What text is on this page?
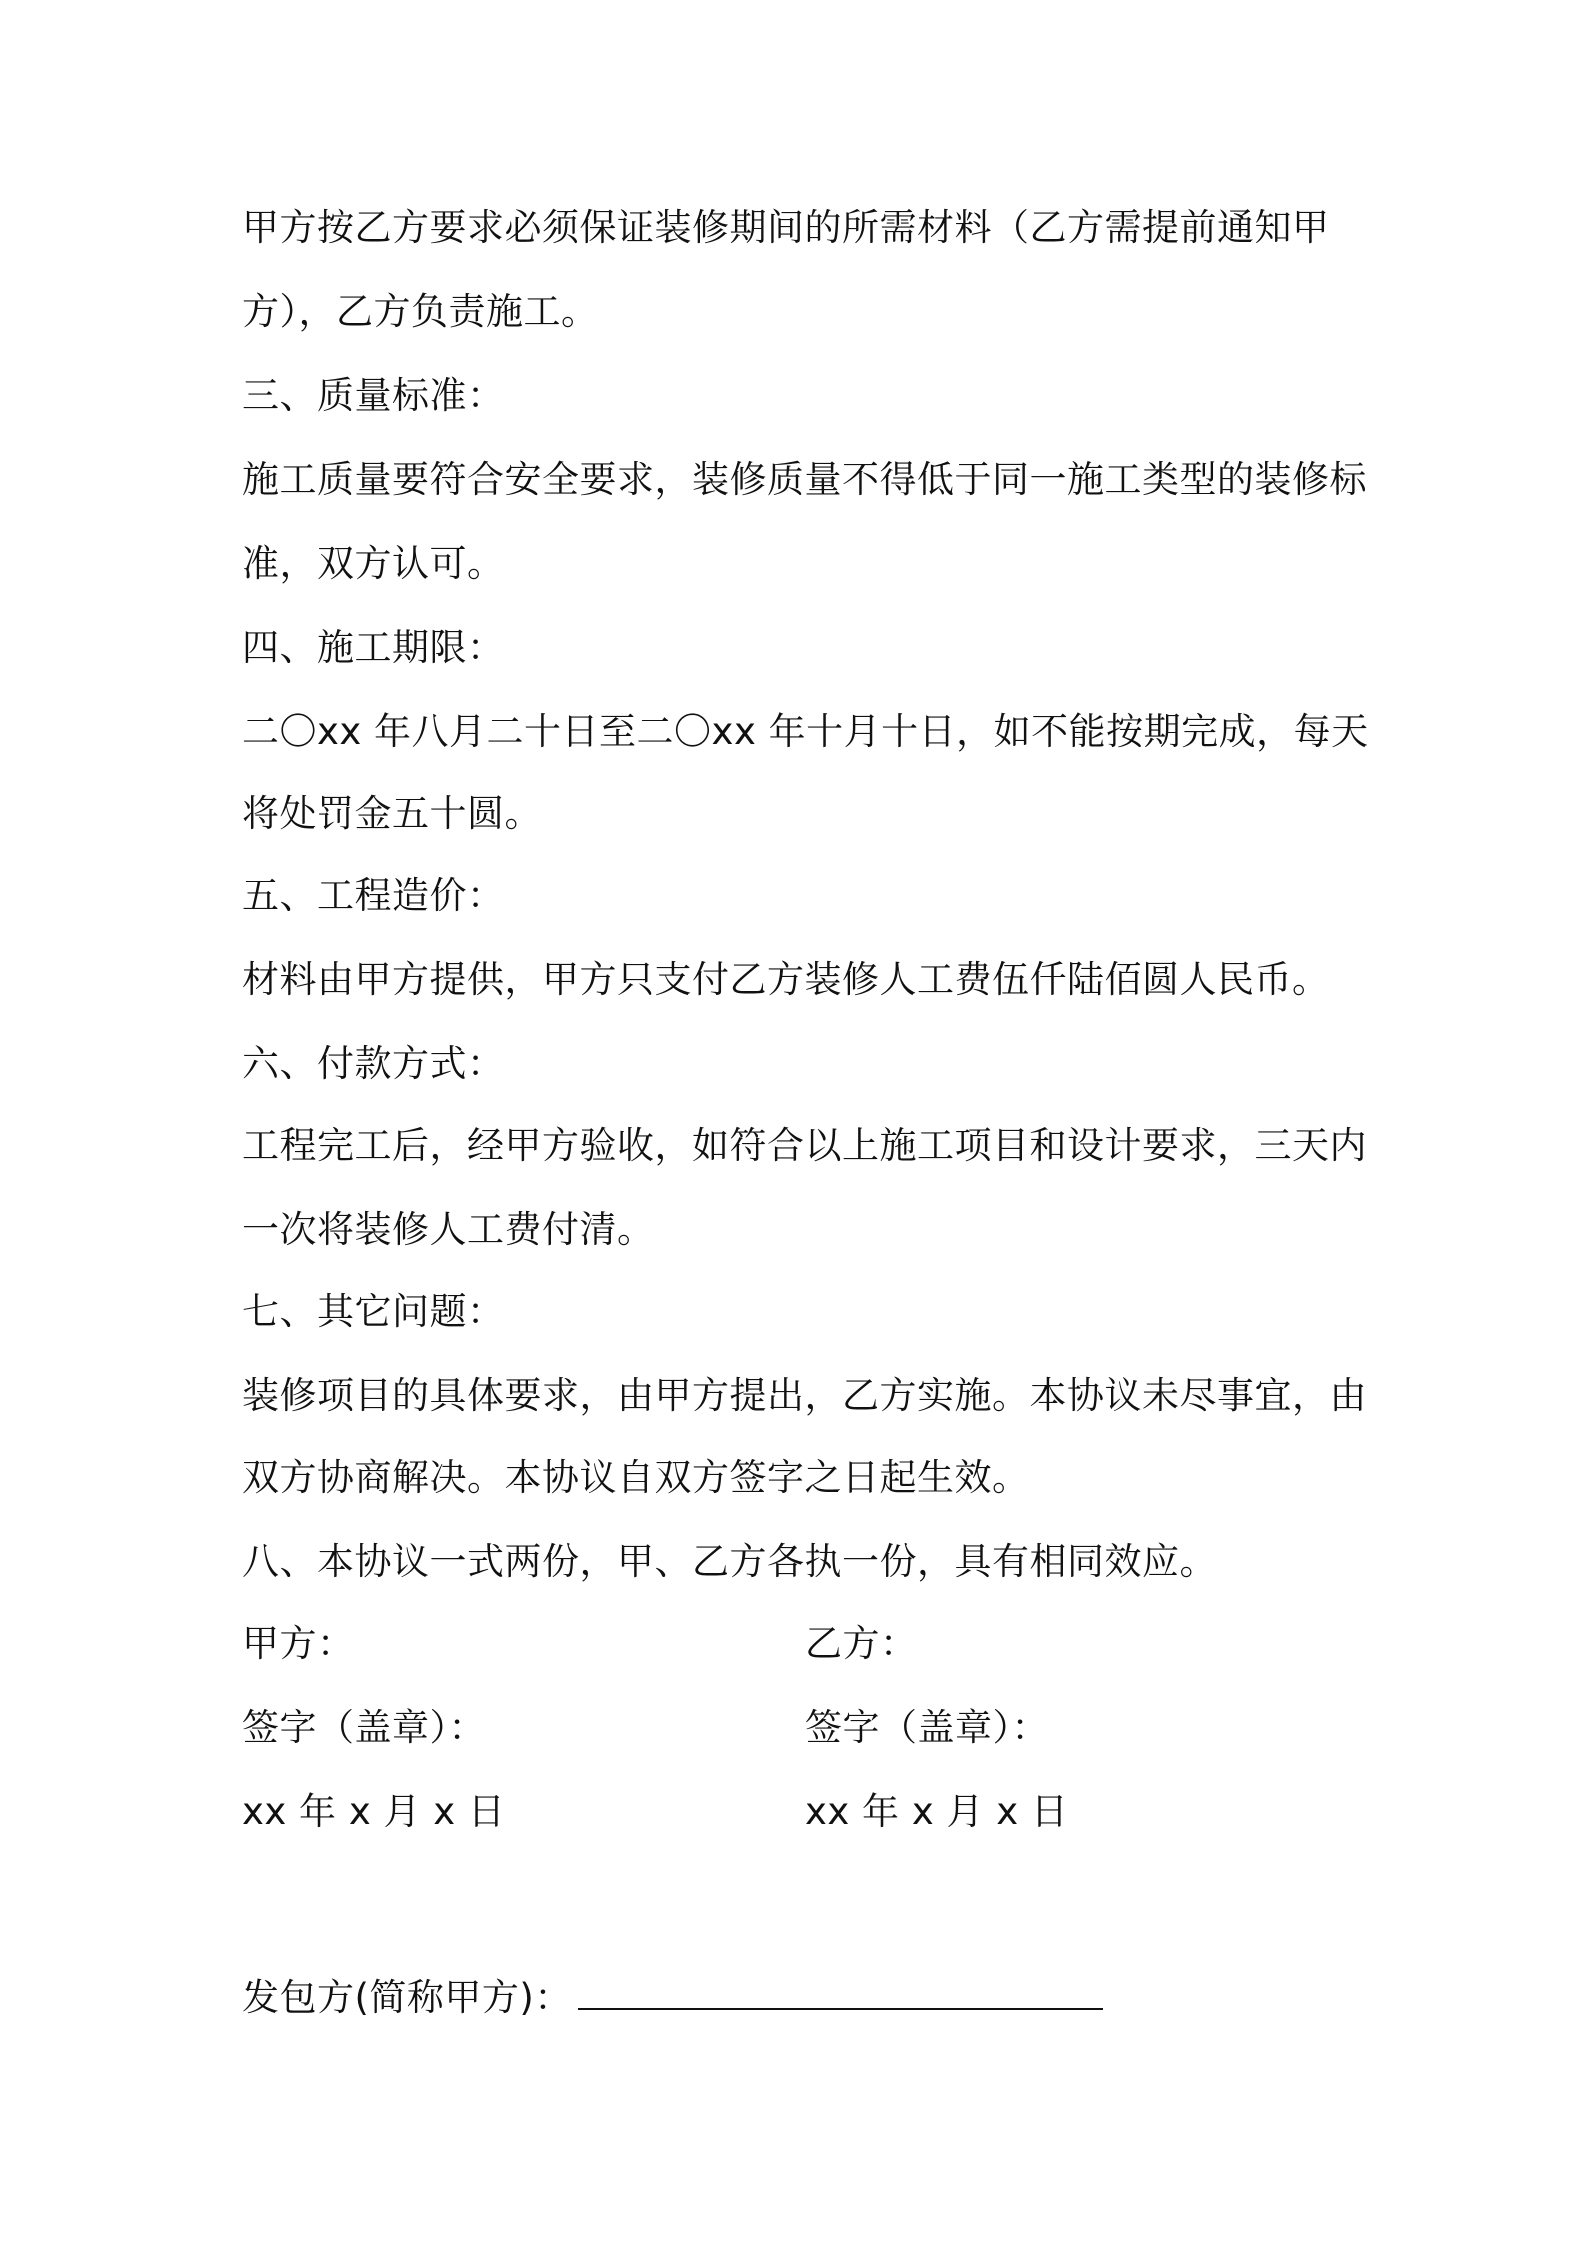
甲方按乙方要求必须保证装修期间的所需材料（乙方需提前通知甲
方），乙方负责施工。
三、质量标准：
施工质量要符合安全要求，装修质量不得低于同一施工类型的装修标
准，双方认可。
四、施工期限：
二〇xx 年八月二十日至二〇xx 年十月十日，如不能按期完成，每天
将处罚金五十圆。
五、工程造价：
材料由甲方提供，甲方只支付乙方装修人工费伍仟陆佰圆人民币。
六、付款方式：
工程完工后，经甲方验收，如符合以上施工项目和设计要求，三天内
一次将装修人工费付清。
七、其它问题：
装修项目的具体要求，由甲方提出，乙方实施。本协议未尽事宜，由
双方协商解决。本协议自双方签字之日起生效。
八、本协议一式两份，甲、乙方各执一份，具有相同效应。
甲方：	乙方：
签字（盖章）：	签字（盖章）：
xx 年 x 月 x 日	xx 年 x 月 x 日
发包方(简称甲方)：
